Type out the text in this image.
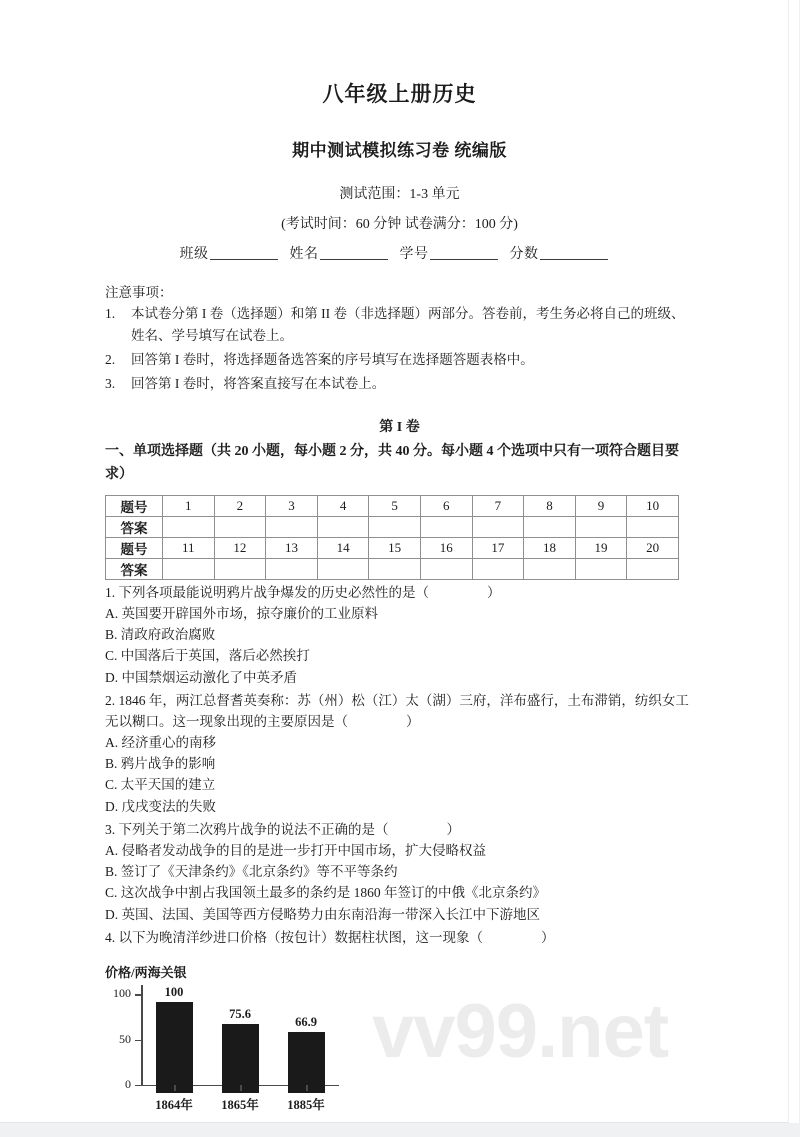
vv99.net
八年级上册历史
期中测试模拟练习卷 统编版

测试范围：1-3 单元

(考试时间：60 分钟 试卷满分：100 分)

班级	姓名	学号	分数

注意事项：

1. 本试卷分第 I 卷（选择题）和第 II 卷（非选择题）两部分。答卷前，考生务必将自己的班级、姓名、学号填写在试卷上。
2. 回答第 I 卷时，将选择题备选答案的序号填写在选择题答题表格中。
3. 回答第 I 卷时，将答案直接写在本试卷上。

第 I 卷

一、单项选择题（共 20 小题，每小题 2 分，共 40 分。每小题 4 个选项中只有一项符合题目要求）

题号	1	2	3	4	5	6	7	8	9	10
答案										
题号	11	12	13	14	15	16	17	18	19	20
答案										

1. 下列各项最能说明鸦片战争爆发的历史必然性的是（	）

A. 英国要开辟国外市场，掠夺廉价的工业原料

B. 清政府政治腐败

C. 中国落后于英国，落后必然挨打

D. 中国禁烟运动激化了中英矛盾

2. 1846 年，两江总督耆英奏称：苏（州）松（江）太（湖）三府，洋布盛行，土布滞销，纺织女工无以糊口。这一现象出现的主要原因是（	）

A. 经济重心的南移

B. 鸦片战争的影响

C. 太平天国的建立

D. 戊戌变法的失败

3. 下列关于第二次鸦片战争的说法不正确的是（	）

A. 侵略者发动战争的目的是进一步打开中国市场，扩大侵略权益

B. 签订了《天津条约》《北京条约》等不平等条约

C. 这次战争中割占我国领土最多的条约是 1860 年签订的中俄《北京条约》

D. 英国、法国、美国等西方侵略势力由东南沿海一带深入长江中下游地区

4. 以下为晚清洋纱进口价格（按包计）数据柱状图，这一现象（	）

价格/两海关银

0
50
100	100
75.6
66.9
1864年 1865年 1885年
